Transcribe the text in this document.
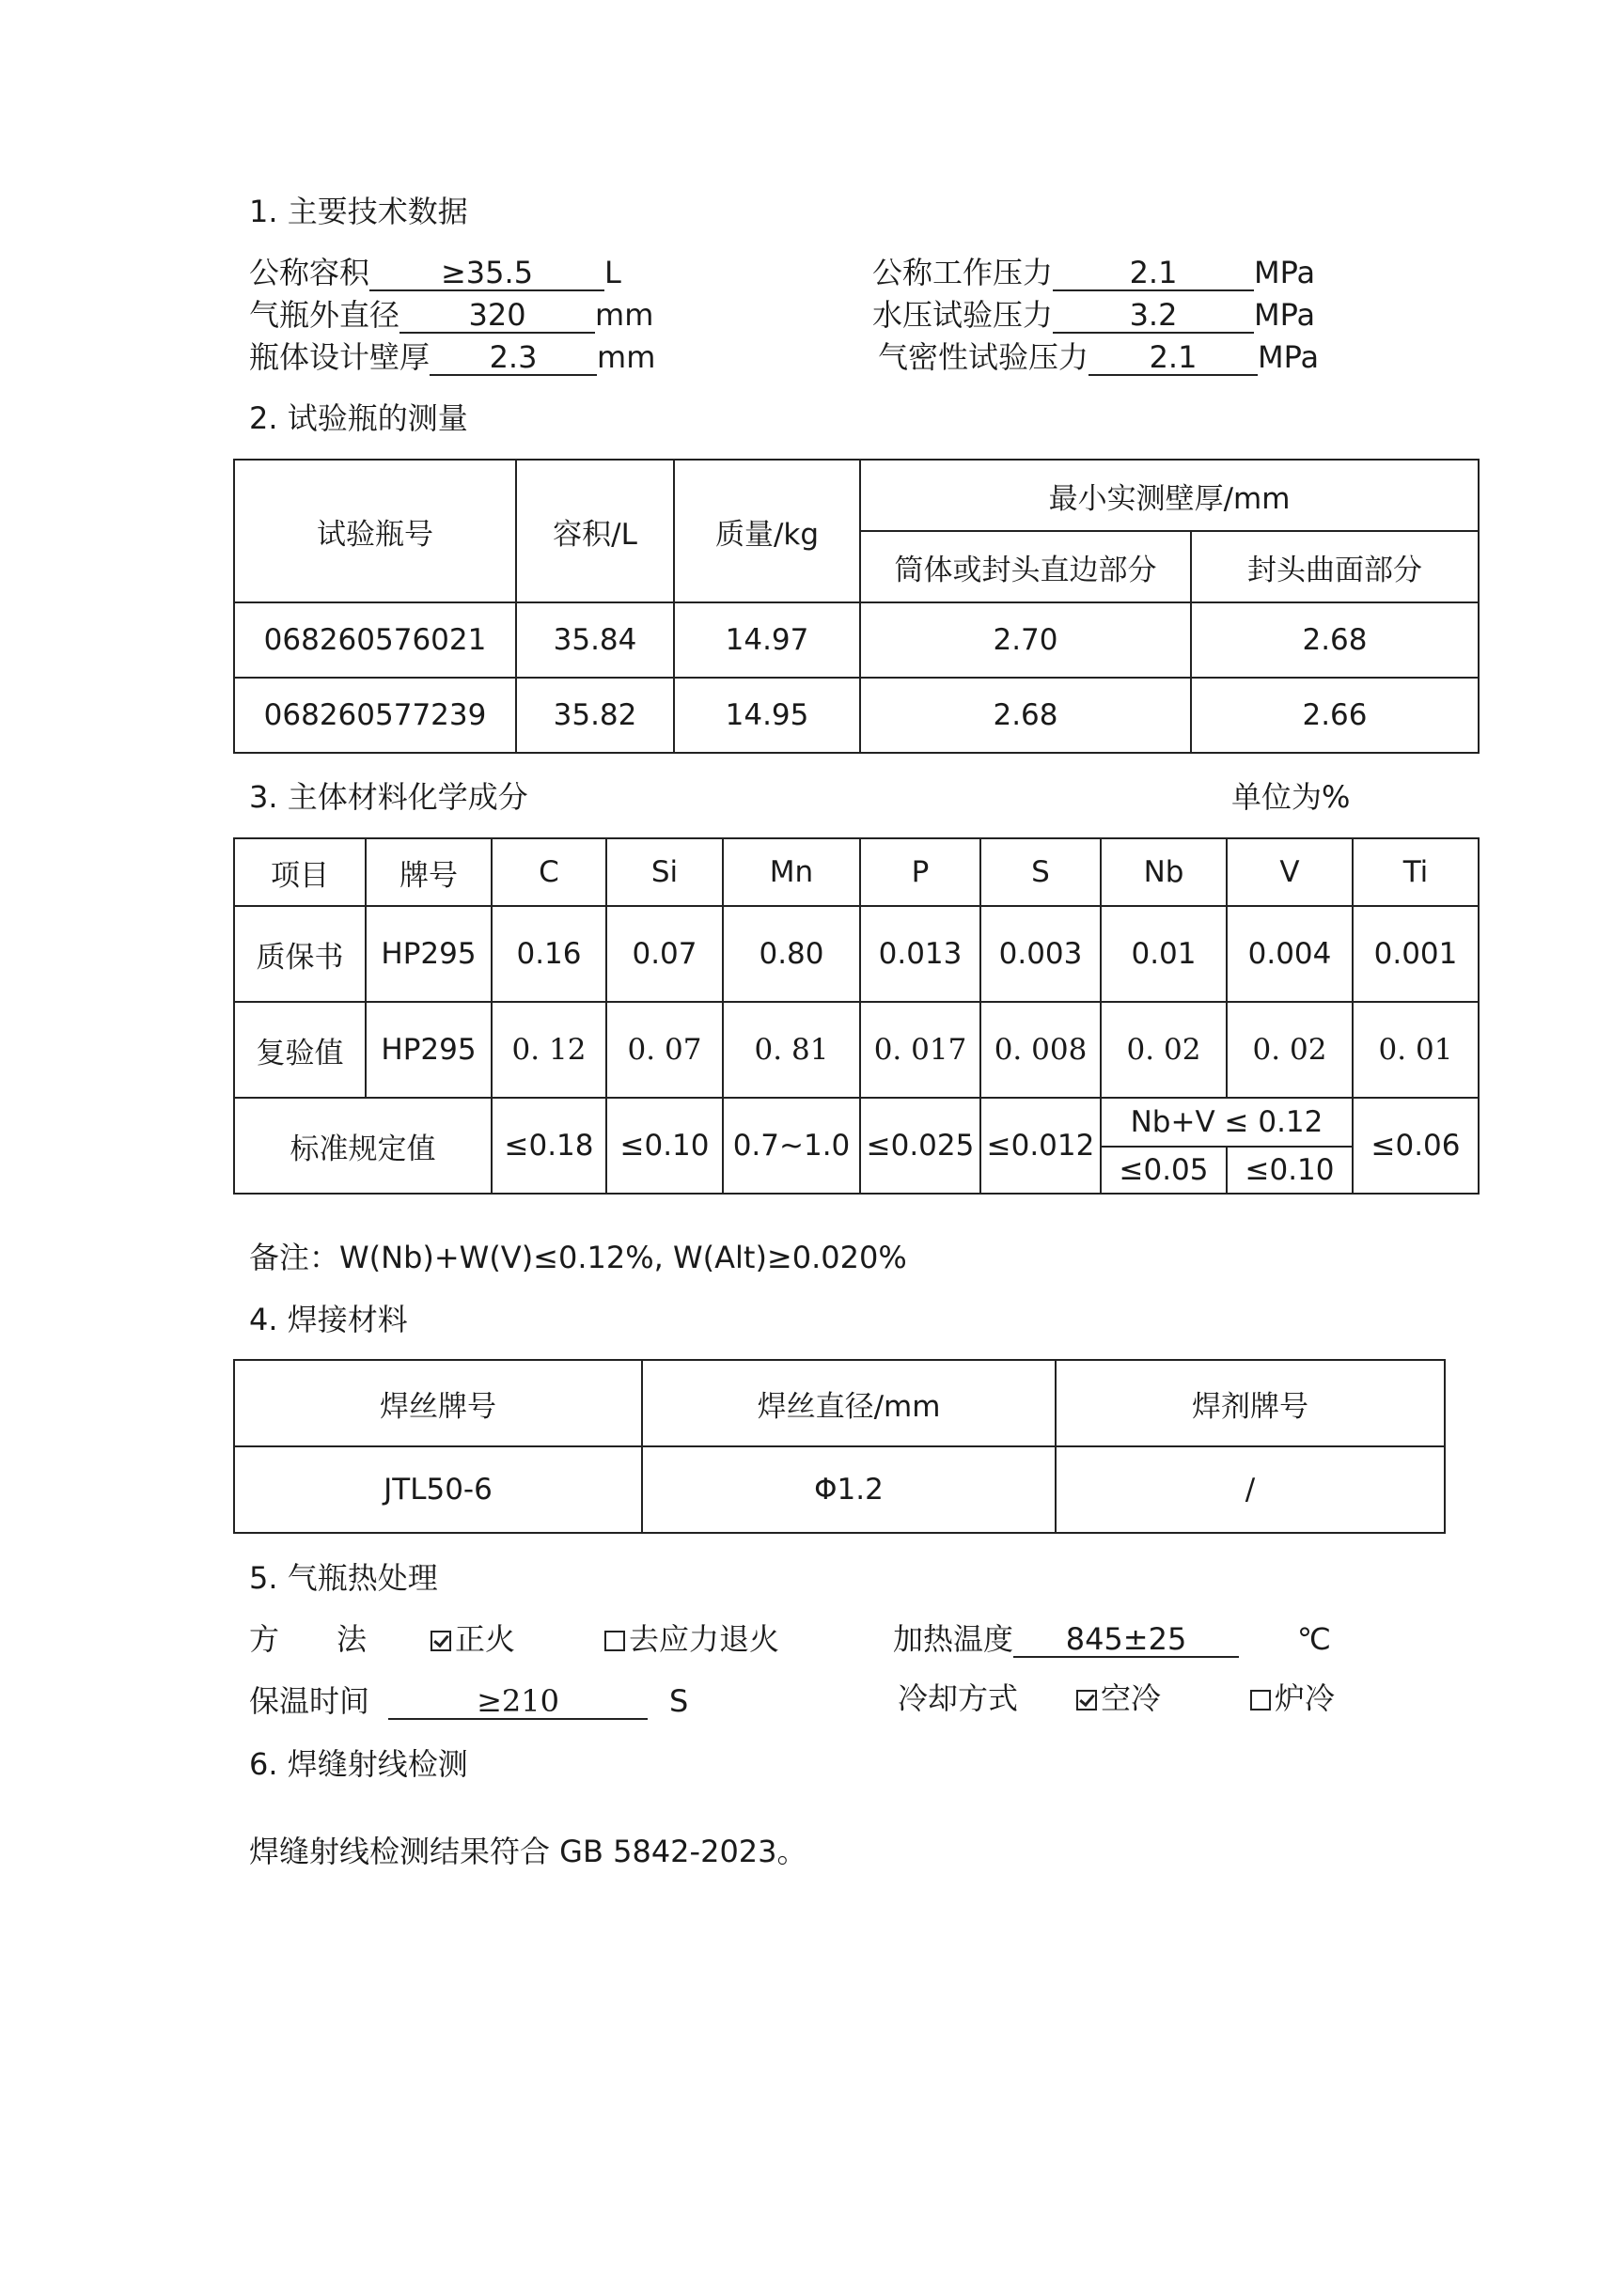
1. 主要技术数据
公称容积 ≥35.5 L
气瓶外直径 320 mm
瓶体设计壁厚 2.3 mm
公称工作压力	2.1	MPa
水压试验压力	3.2	MPa
气密性试验压力 2.1 MPa
2. 试验瓶的测量
试验瓶号	容积/L	质量/kg	最小实测壁厚/mm	
			筒体或封头直边部分	封头曲面部分
068260576021	35.84	14.97	2.70	2.68
068260577239	35.82	14.95	2.68	2.66
3. 主体材料化学成分	单位为%
项目	牌号	C	Si	Mn	P	S	Nb	V	Ti
质保书	HP295	0.16	0.07	0.80	0.013	0.003	0.01	0.004	0.001
复验值	HP295	0. 12	0. 07	0. 81	0. 017	0. 008	0. 02	0. 02	0. 01
标准规定值		≤0.18	≤0.10	0.7~1.0	≤0.025	≤0.012	Nb+V ≤ 0.12		≤0.06
							≤0.05	≤0.10	
备注：W(Nb)+W(V)≤0.12%, W(Alt)≥0.020%
4. 焊接材料
焊丝牌号	焊丝直径/mm	焊剂牌号
JTL50-6	Φ1.2	/
5. 气瓶热处理
方      法	正火	去应力退火	加热温度 845±25	℃
保温时间	≥210	S	冷却方式	空冷	炉冷
6. 焊缝射线检测
焊缝射线检测结果符合 GB 5842-2023。
